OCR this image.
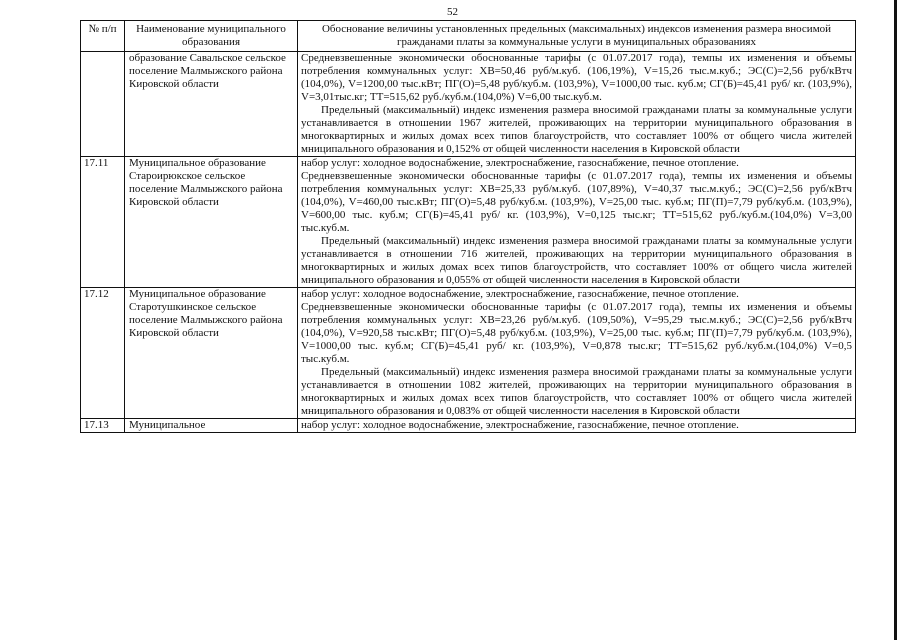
52
№ п/п	Наименование муниципального образования	Обоснование величины установленных предельных (максимальных) индексов изменения размера вносимой гражданами платы за коммунальные услуги в муниципальных образованиях
	образование Савальское сельское поселение Малмыжского района Кировской области	Средневзвешенные экономически обоснованные тарифы (с 01.07.2017 года), темпы их изменения и объемы потребления коммунальных услуг: ХВ=50,46 руб/м.куб. (106,19%), V=15,26 тыс.м.куб.; ЭС(С)=2,56 руб/кВтч (104,0%), V=1200,00 тыс.кВт; ПГ(О)=5,48 руб/куб.м. (103,9%), V=1000,00 тыс. куб.м; СГ(Б)=45,41 руб/ кг. (103,9%), V=3,01тыс.кг; ТТ=515,62 руб./куб.м.(104,0%) V=6,00 тыс.куб.м.

Предельный (максимальный) индекс изменения размера вносимой гражданами платы за коммунальные услуги устанавливается в отношении 1967 жителей, проживающих на территории муниципального образования в многоквартирных и жилых домах всех типов благоустройств, что составляет 100% от общего числа жителей мниципального образования и 0,152% от общей численности населения в Кировской области

17.11	Муниципальное образование Староирюкское сельское поселение Малмыжского района Кировской области	набор услуг: холодное водоснабжение, электроснабжение, газоснабжение, печное отопление.

Средневзвешенные экономически обоснованные тарифы (с 01.07.2017 года), темпы их изменения и объемы потребления коммунальных услуг: ХВ=25,33 руб/м.куб. (107,89%), V=40,37 тыс.м.куб.; ЭС(С)=2,56 руб/кВтч (104,0%), V=460,00 тыс.кВт; ПГ(О)=5,48 руб/куб.м. (103,9%), V=25,00 тыс. куб.м; ПГ(П)=7,79 руб/куб.м. (103,9%), V=600,00 тыс. куб.м; СГ(Б)=45,41 руб/ кг. (103,9%), V=0,125 тыс.кг; ТТ=515,62 руб./куб.м.(104,0%) V=3,00 тыс.куб.м.

Предельный (максимальный) индекс изменения размера вносимой гражданами платы за коммунальные услуги устанавливается в отношении 716 жителей, проживающих на территории муниципального образования в многоквартирных и жилых домах всех типов благоустройств, что составляет 100% от общего числа жителей мниципального образования и 0,055% от общей численности населения в Кировской области

17.12	Муниципальное образование Старотушкинское сельское поселение Малмыжского района Кировской области	набор услуг: холодное водоснабжение, электроснабжение, газоснабжение, печное отопление.

Средневзвешенные экономически обоснованные тарифы (с 01.07.2017 года), темпы их изменения и объемы потребления коммунальных услуг: ХВ=23,26 руб/м.куб. (109,50%), V=95,29 тыс.м.куб.; ЭС(С)=2,56 руб/кВтч (104,0%), V=920,58 тыс.кВт; ПГ(О)=5,48 руб/куб.м. (103,9%), V=25,00 тыс. куб.м; ПГ(П)=7,79 руб/куб.м. (103,9%), V=1000,00 тыс. куб.м; СГ(Б)=45,41 руб/ кг. (103,9%), V=0,878 тыс.кг; ТТ=515,62 руб./куб.м.(104,0%) V=0,5 тыс.куб.м.

Предельный (максимальный) индекс изменения размера вносимой гражданами платы за коммунальные услуги устанавливается в отношении 1082 жителей, проживающих на территории муниципального образования в многоквартирных и жилых домах всех типов благоустройств, что составляет 100% от общего числа жителей мниципального образования и 0,083% от общей численности населения в Кировской области

17.13	Муниципальное	набор услуг: холодное водоснабжение, электроснабжение, газоснабжение, печное отопление.
